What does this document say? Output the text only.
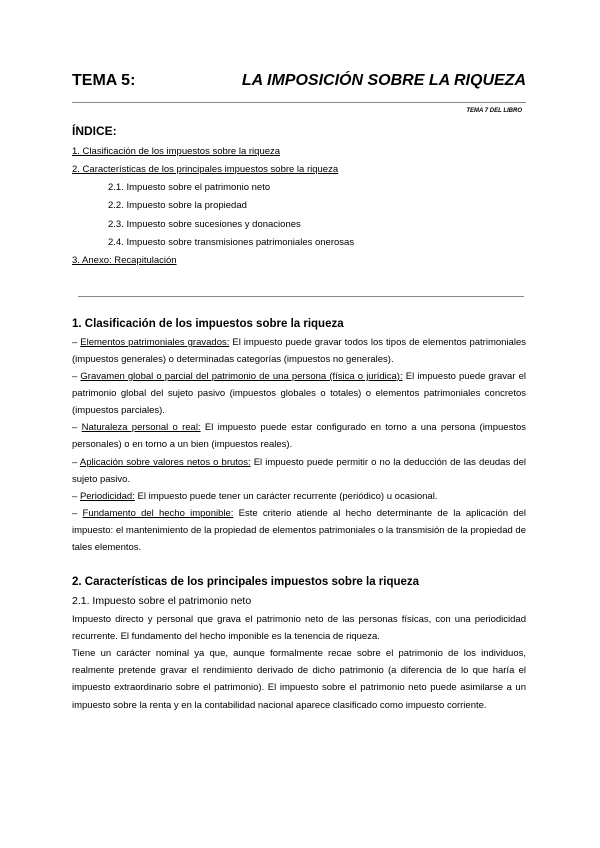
TEMA 5:	LA IMPOSICIÓN SOBRE LA RIQUEZA
TEMA 7 DEL LIBRO
ÍNDICE:
1. Clasificación de los impuestos sobre la riqueza
2. Características de los principales impuestos sobre la riqueza
2.1. Impuesto sobre el patrimonio neto
2.2. Impuesto sobre la propiedad
2.3. Impuesto sobre sucesiones y donaciones
2.4. Impuesto sobre transmisiones patrimoniales onerosas
3. Anexo: Recapitulación
1. Clasificación de los impuestos sobre la riqueza

– Elementos patrimoniales gravados: El impuesto puede gravar todos los tipos de elementos patrimoniales (impuestos generales) o determinadas categorías (impuestos no generales).

– Gravamen global o parcial del patrimonio de una persona (física o jurídica): El impuesto puede gravar el patrimonio global del sujeto pasivo (impuestos globales o totales) o elementos patrimoniales concretos (impuestos parciales).

– Naturaleza personal o real: El impuesto puede estar configurado en torno a una persona (impuestos personales) o en torno a un bien (impuestos reales).

– Aplicación sobre valores netos o brutos: El impuesto puede permitir o no la deducción de las deudas del sujeto pasivo.

– Periodicidad: El impuesto puede tener un carácter recurrente (periódico) u ocasional.

– Fundamento del hecho imponible: Este criterio atiende al hecho determinante de la aplicación del impuesto: el mantenimiento de la propiedad de elementos patrimoniales o la transmisión de la propiedad de tales elementos.

2. Características de los principales impuestos sobre la riqueza
2.1. Impuesto sobre el patrimonio neto

Impuesto directo y personal que grava el patrimonio neto de las personas físicas, con una periodicidad recurrente. El fundamento del hecho imponible es la tenencia de riqueza.

Tiene un carácter nominal ya que, aunque formalmente recae sobre el patrimonio de los individuos, realmente pretende gravar el rendimiento derivado de dicho patrimonio (a diferencia de lo que haría el impuesto extraordinario sobre el patrimonio). El impuesto sobre el patrimonio neto puede asimilarse a un impuesto sobre la renta y en la contabilidad nacional aparece clasificado como impuesto corriente.
